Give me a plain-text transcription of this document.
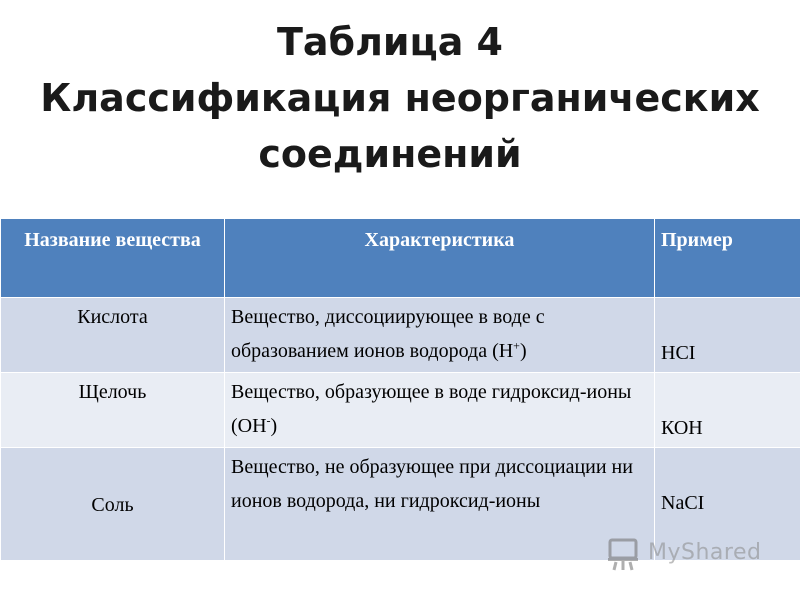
Таблица 4
Классификация неорганических
соединений
Название вещества	Характеристика	Пример
Кислота	Вещество, диссоциирующее в воде с образованием ионов водорода (Н+)	HCI
Щелочь	Вещество, образующее в воде гидроксид-ионы (ОН-)	КОН
Соль	Вещество, не образующее при диссоциации ни ионов водорода, ни гидроксид-ионы	NaCI
MyShared
